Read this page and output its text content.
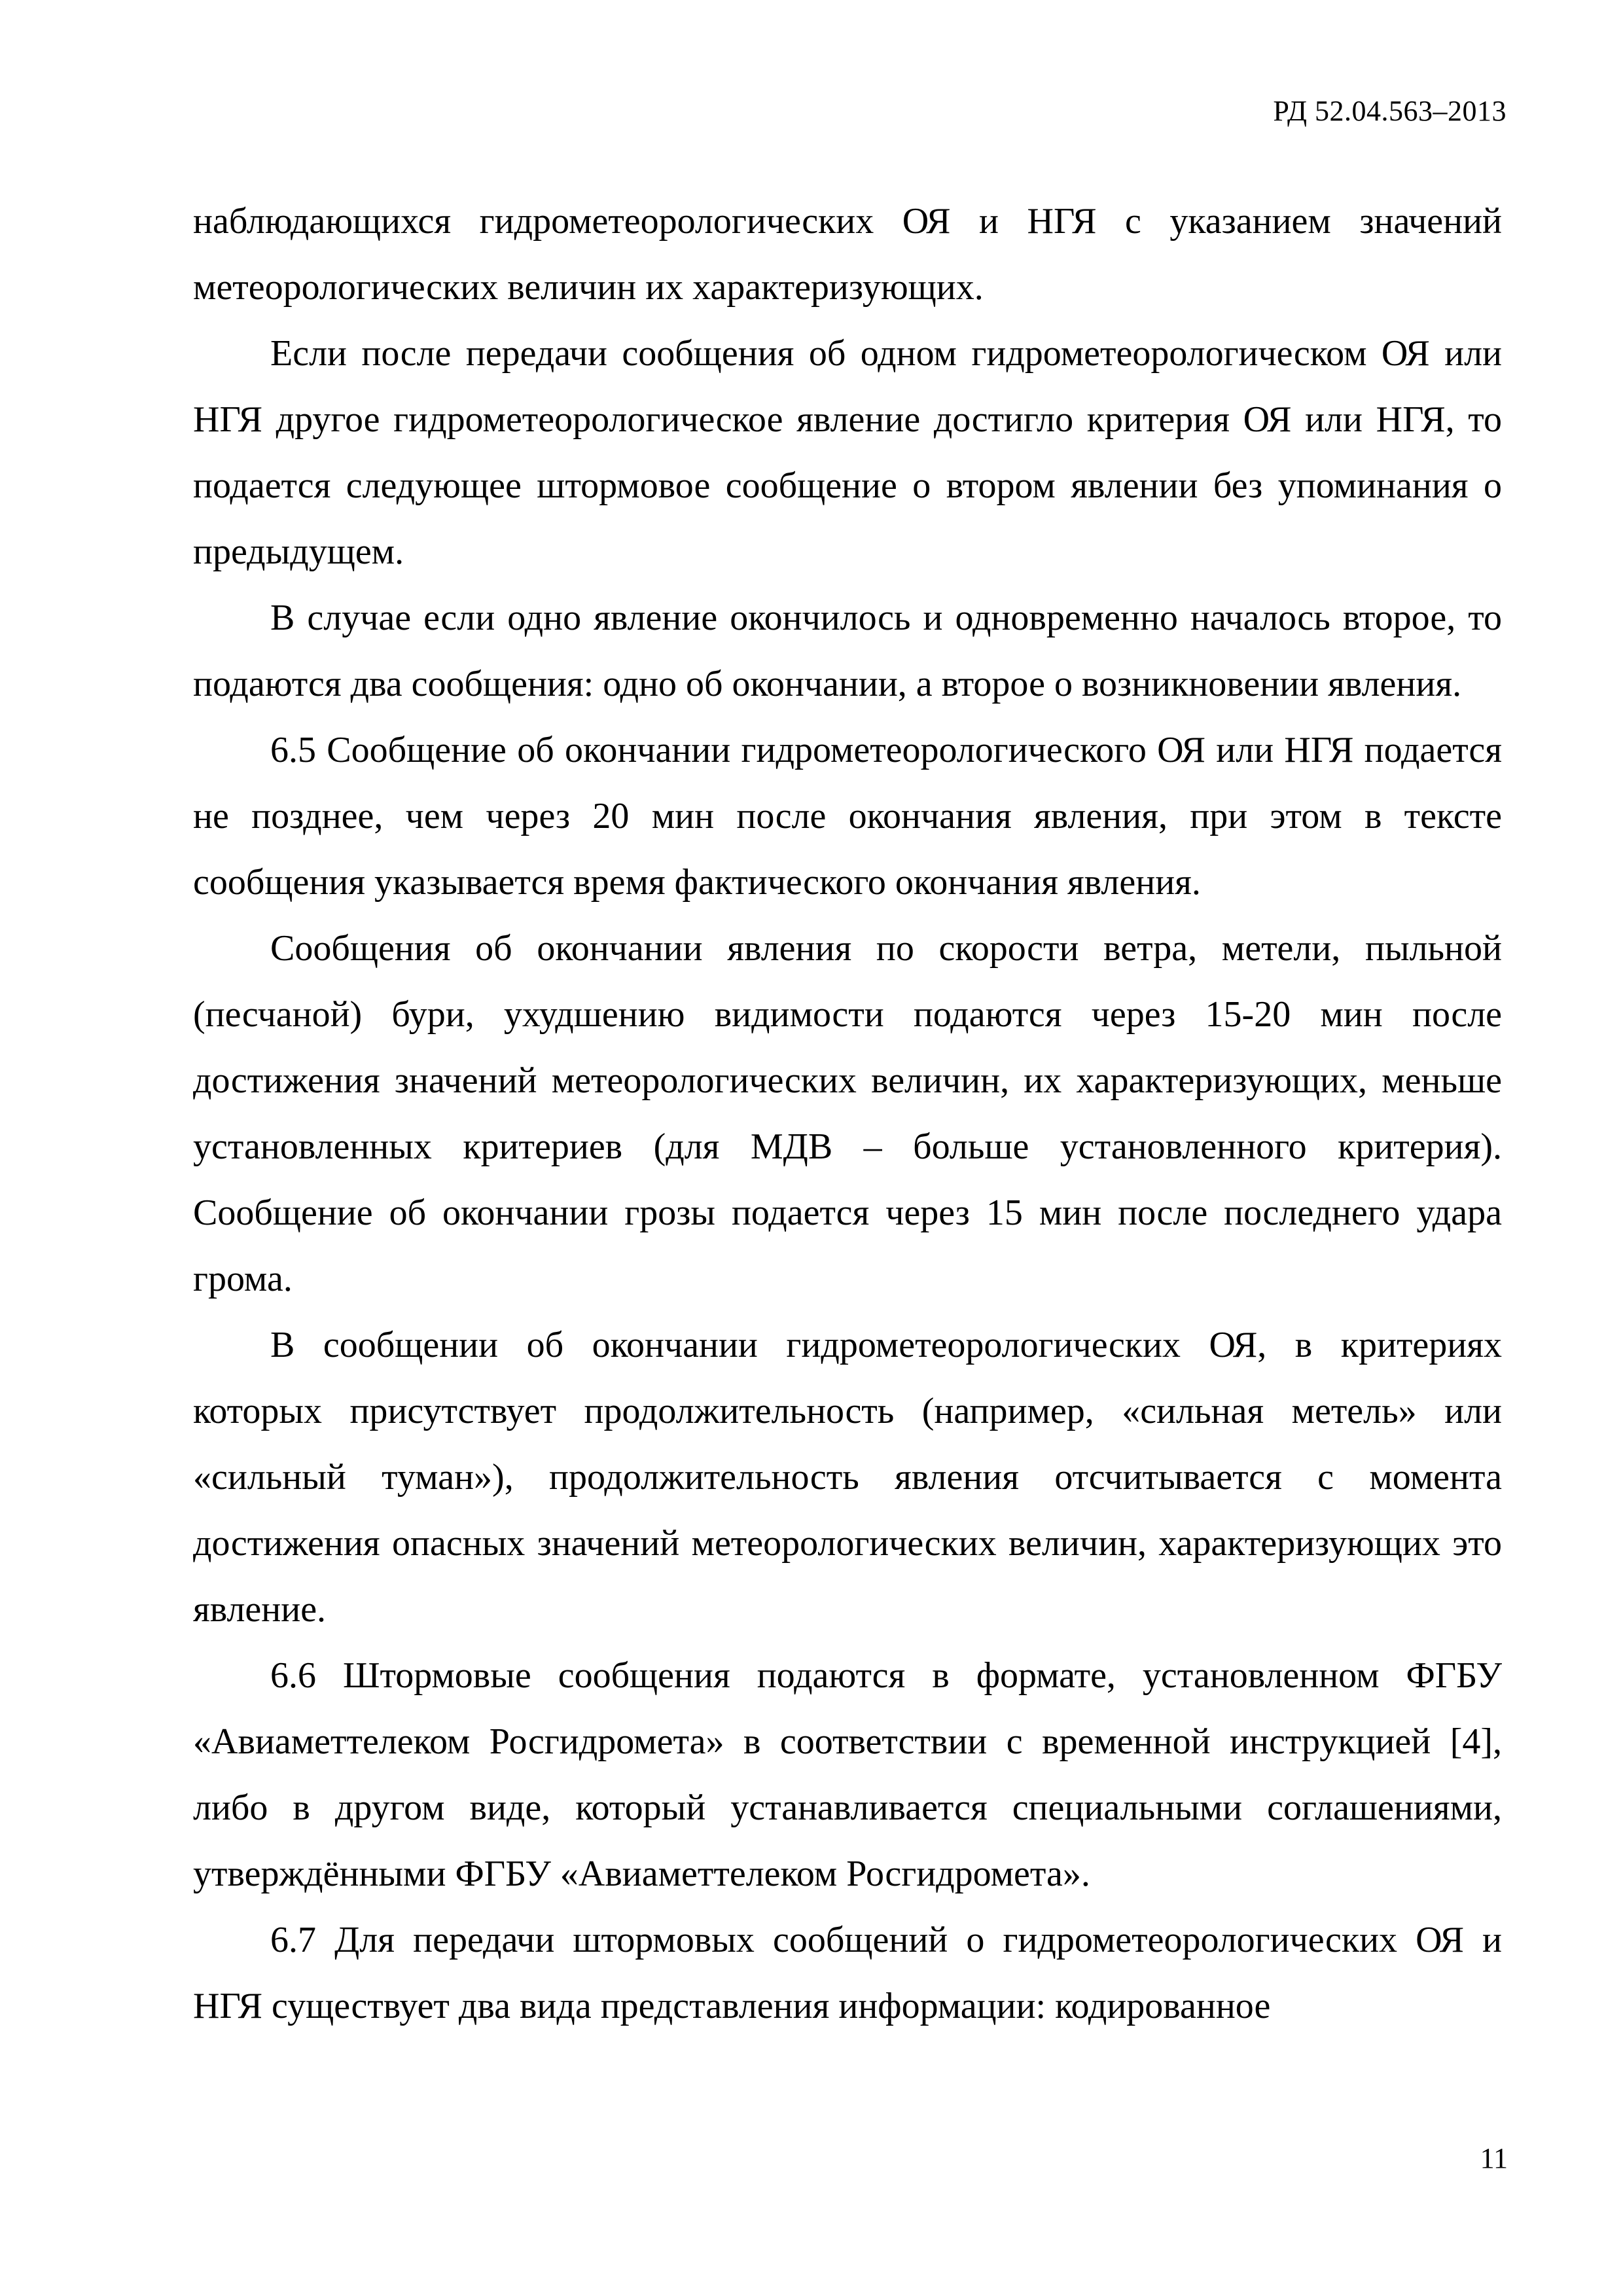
РД 52.04.563–2013

наблюдающихся гидрометеорологических ОЯ и НГЯ с указанием значений метеорологических величин их характеризующих.

Если после передачи сообщения об одном гидрометеорологическом ОЯ или НГЯ другое гидрометеорологическое явление достигло критерия ОЯ или НГЯ, то подается следующее штормовое сообщение о втором явлении без упоминания о предыдущем.

В случае если одно явление окончилось и одновременно началось второе, то подаются два сообщения: одно об окончании, а второе о возникновении явления.

6.5 Сообщение об окончании гидрометеорологического ОЯ или НГЯ подается не позднее, чем через 20 мин после окончания явления, при этом в тексте сообщения указывается время фактического окончания явления.

Сообщения об окончании явления по скорости ветра, метели, пыльной (песчаной) бури, ухудшению видимости подаются через 15-20 мин после достижения значений метеорологических величин, их характеризующих, меньше установленных критериев (для МДВ – больше установленного критерия). Сообщение об окончании грозы подается через 15 мин после последнего удара грома.

В сообщении об окончании гидрометеорологических ОЯ, в критериях которых присутствует продолжительность (например, «сильная метель» или «сильный туман»), продолжительность явления отсчитывается с момента достижения опасных значений метеорологических величин, характеризующих это явление.

6.6 Штормовые сообщения подаются в формате, установленном ФГБУ «Авиаметтелеком Росгидромета» в соответствии с временной инструкцией [4], либо в другом виде, который устанавливается специальными соглашениями, утверждёнными ФГБУ «Авиаметтелеком Росгидромета».

6.7 Для передачи штормовых сообщений о гидрометеорологических ОЯ и НГЯ существует два вида представления информации: кодированное

11
